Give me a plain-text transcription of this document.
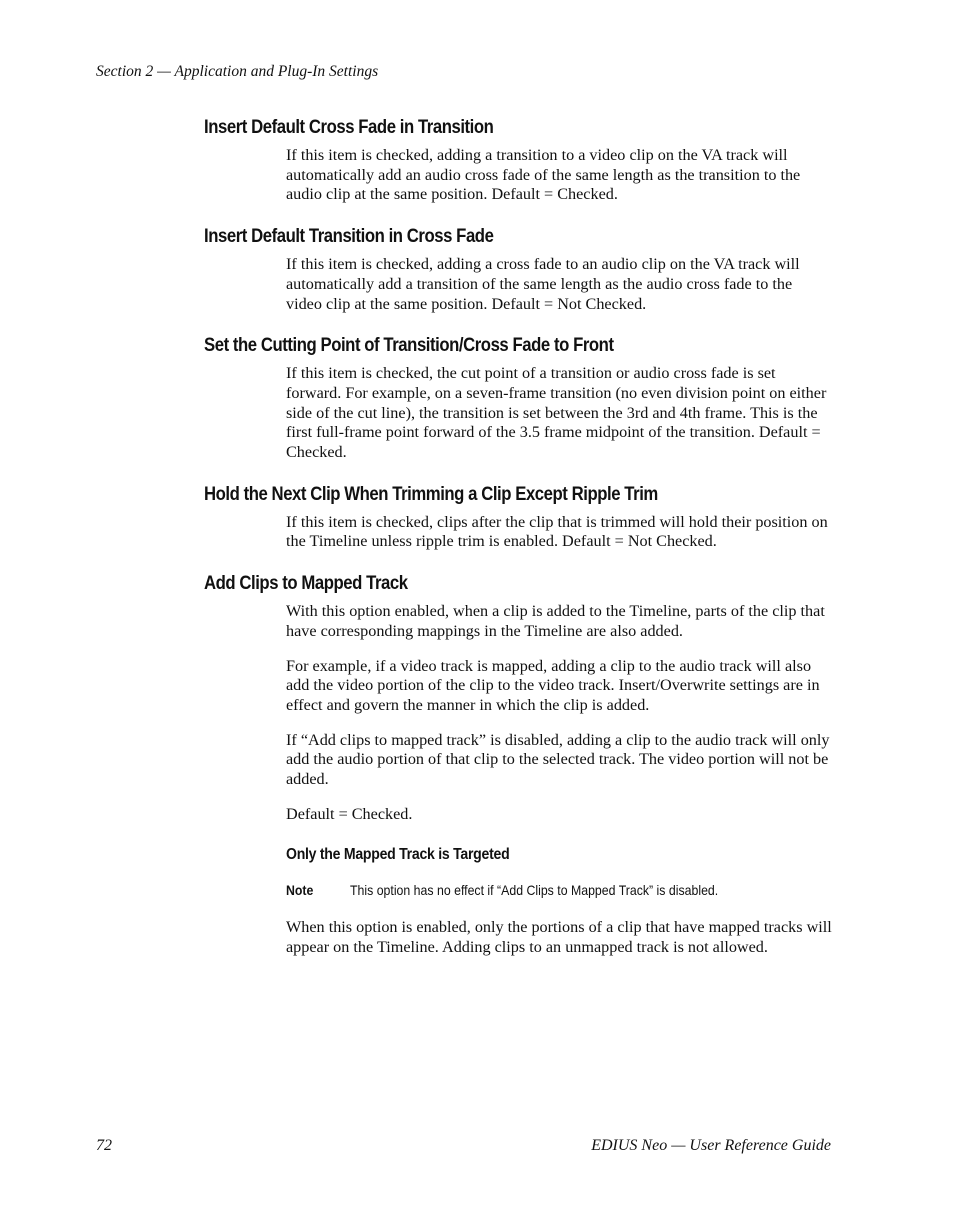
Section 2 — Application and Plug-In Settings

Insert Default Cross Fade in Transition

If this item is checked, adding a transition to a video clip on the VA track will automatically add an audio cross fade of the same length as the transition to the audio clip at the same position. Default = Checked.

Insert Default Transition in Cross Fade

If this item is checked, adding a cross fade to an audio clip on the VA track will automatically add a transition of the same length as the audio cross fade to the video clip at the same position. Default = Not Checked.

Set the Cutting Point of Transition/Cross Fade to Front

If this item is checked, the cut point of a transition or audio cross fade is set forward. For example, on a seven-frame transition (no even division point on either side of the cut line), the transition is set between the 3rd and 4th frame. This is the first full-frame point forward of the 3.5 frame midpoint of the transition. Default = Checked.

Hold the Next Clip When Trimming a Clip Except Ripple Trim

If this item is checked, clips after the clip that is trimmed will hold their position on the Timeline unless ripple trim is enabled. Default = Not Checked.

Add Clips to Mapped Track

With this option enabled, when a clip is added to the Timeline, parts of the clip that have corresponding mappings in the Timeline are also added.

For example, if a video track is mapped, adding a clip to the audio track will also add the video portion of the clip to the video track. Insert/Overwrite settings are in effect and govern the manner in which the clip is added.

If “Add clips to mapped track” is disabled, adding a clip to the audio track will only add the audio portion of that clip to the selected track. The video portion will not be added.

Default = Checked.

Only the Mapped Track is Targeted
Note	This option has no effect if “Add Clips to Mapped Track” is disabled.

When this option is enabled, only the portions of a clip that have mapped tracks will appear on the Timeline. Adding clips to an unmapped track is not allowed.

72	EDIUS Neo — User Reference Guide
